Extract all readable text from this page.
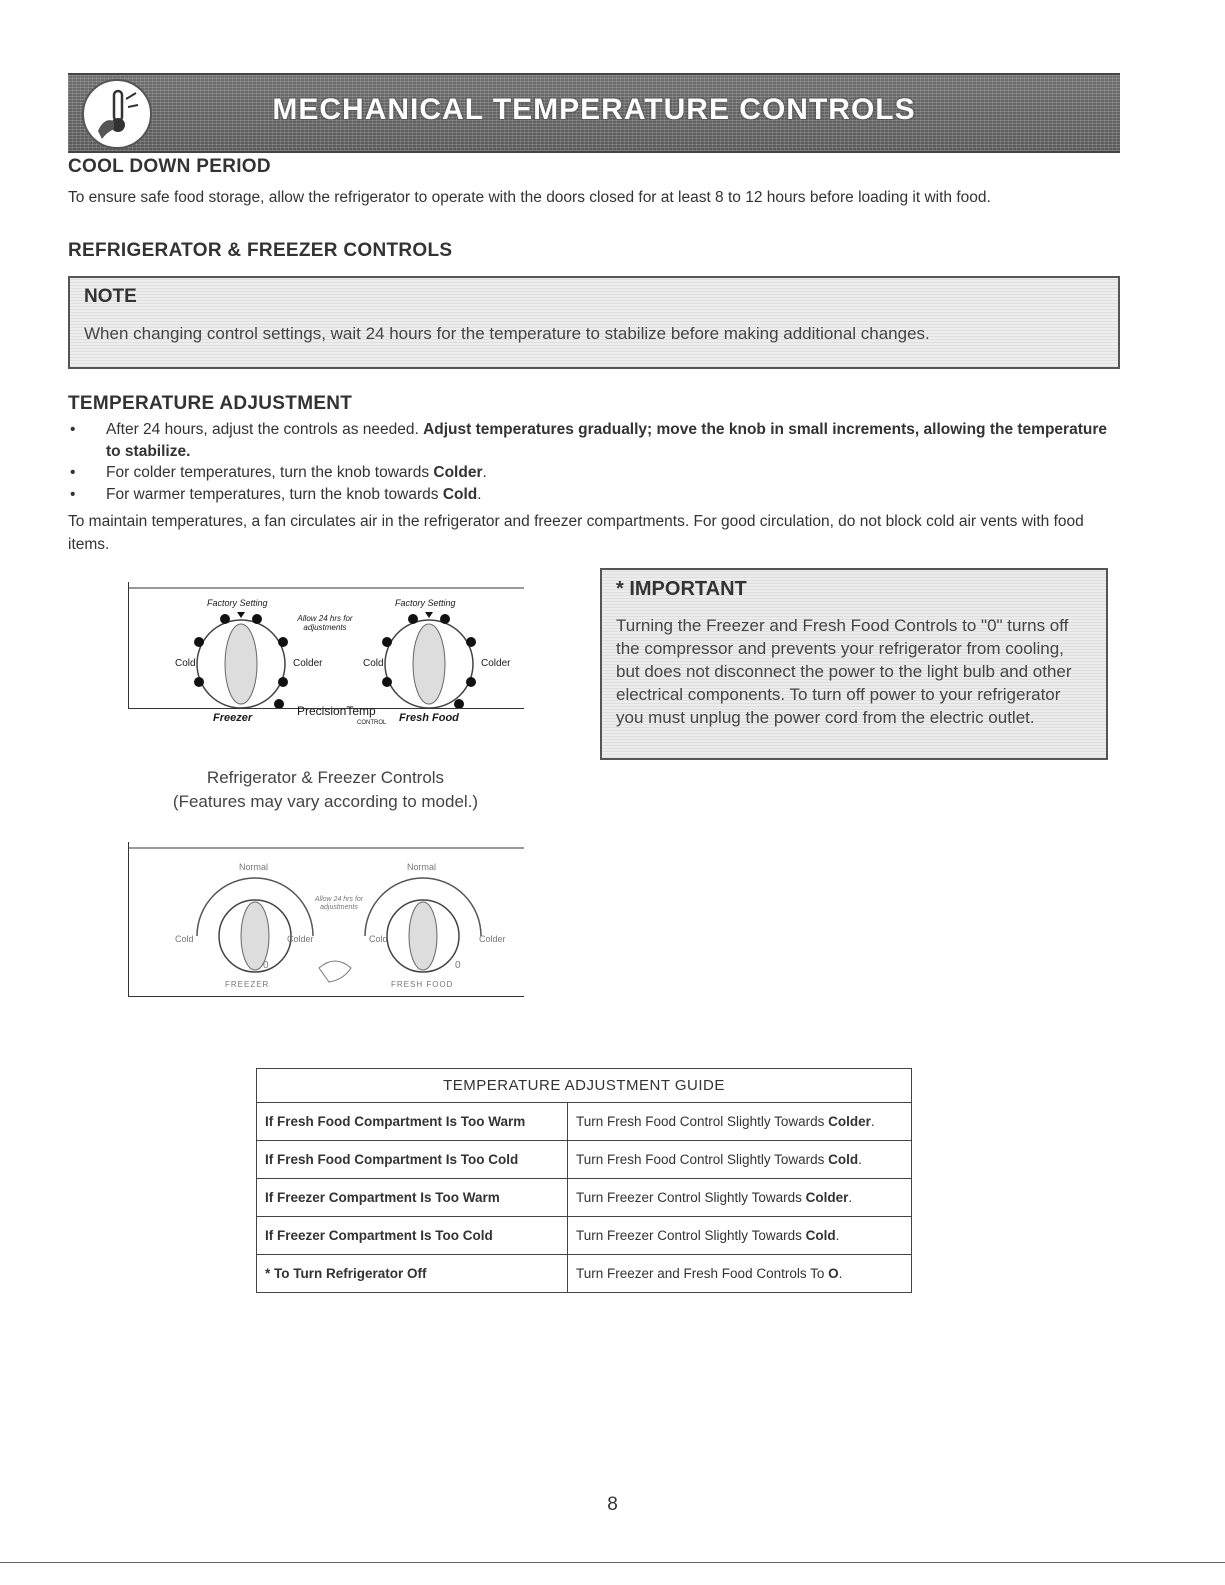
MECHANICAL TEMPERATURE CONTROLS
COOL DOWN PERIOD

To ensure safe food storage, allow the refrigerator to operate with the doors closed for at least 8 to 12 hours before loading it with food.

REFRIGERATOR & FREEZER CONTROLS
NOTE
When changing control settings, wait 24 hours for the temperature to stabilize before making additional changes.
TEMPERATURE ADJUSTMENT
• After 24 hours, adjust the controls as needed. Adjust temperatures gradually; move the knob in small increments, allowing the temperature to stabilize.
• For colder temperatures, turn the knob towards Colder.
• For warmer temperatures, turn the knob towards Cold.

To maintain temperatures, a fan circulates air in the refrigerator and freezer compartments. For good circulation, do not block cold air vents with food items.

Factory Setting	Factory Setting
Allow 24 hrs for adjustments
Cold	Colder	Cold	Colder
PrecisionTemp
Freezer	CONTROL Fresh Food
Refrigerator & Freezer Controls
(Features may vary according to model.)
Normal	Normal
Allow 24 hrs for adjustments
Cold	Colder	Cold	Colder
0	0
FREEZER	FRESH FOOD
* IMPORTANT
Turning the Freezer and Fresh Food Controls to "0" turns off the compressor and prevents your refrigerator from cooling, but does not disconnect the power to the light bulb and other electrical components. To turn off power to your refrigerator you must unplug the power cord from the electric outlet.
TEMPERATURE ADJUSTMENT GUIDE	
If Fresh Food Compartment Is Too Warm	Turn Fresh Food Control Slightly Towards Colder.
If Fresh Food Compartment Is Too Cold	Turn Fresh Food Control Slightly Towards Cold.
If Freezer Compartment Is Too Warm	Turn Freezer Control Slightly Towards Colder.
If Freezer Compartment Is Too Cold	Turn Freezer Control Slightly Towards Cold.
* To Turn Refrigerator Off	Turn Freezer and Fresh Food Controls To O.
8
